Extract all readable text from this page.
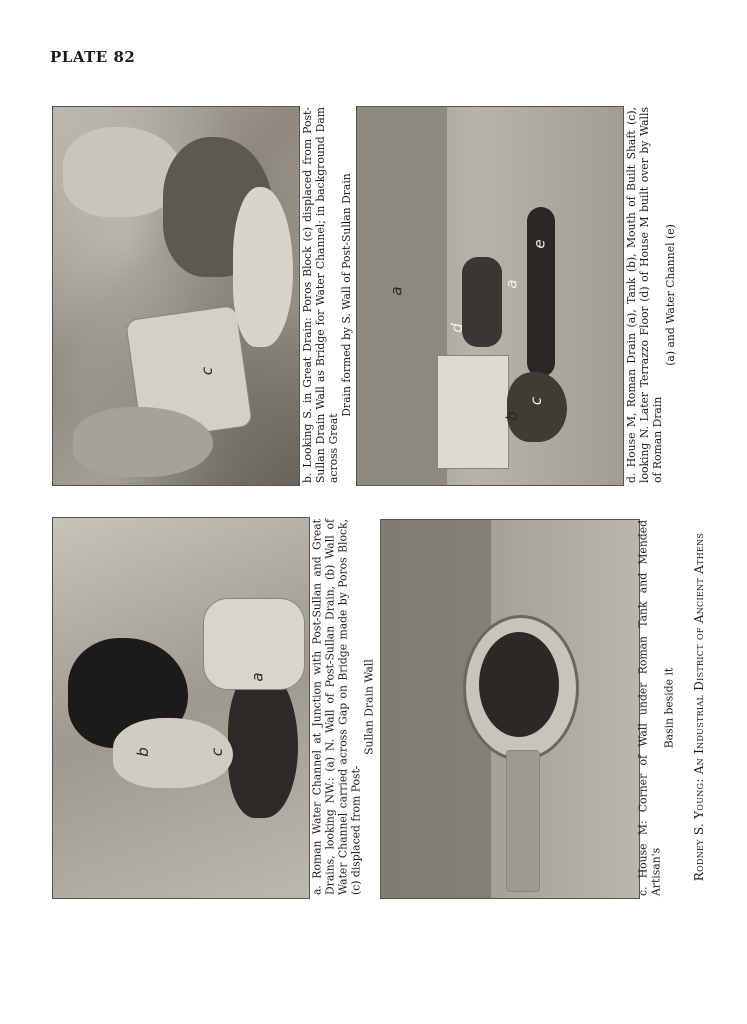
PLATE 82
c	b. Looking S. in Great Drain: Poros Block (c) displaced from Post-Sullan Drain Wall as Bridge for Water Channel; in background Dam across Great
Drain formed by S. Wall of Post-Sullan Drain	e
a
a
d
b
c	d. House M, Roman Drain (a), Tank (b), Mouth of Built Shaft (c), looking N. Later Terrazzo Floor (d) of House M built over by Walls of Roman Drain
(a) and Water Channel (e)
a
b	c	a. Roman Water Channel at Junction with Post-Sullan and Great Drains, looking NW.: (a) N. Wall of Post-Sullan Drain, (b) Wall of Water Channel carried across Gap on Bridge made by Poros Block, (c) displaced from Post-
Sullan Drain Wall	c. House M: Corner of Wall under Roman Tank and Mended Artisan's
Basin beside it Rodney S. Young: An Industrial District of Ancient Athens
